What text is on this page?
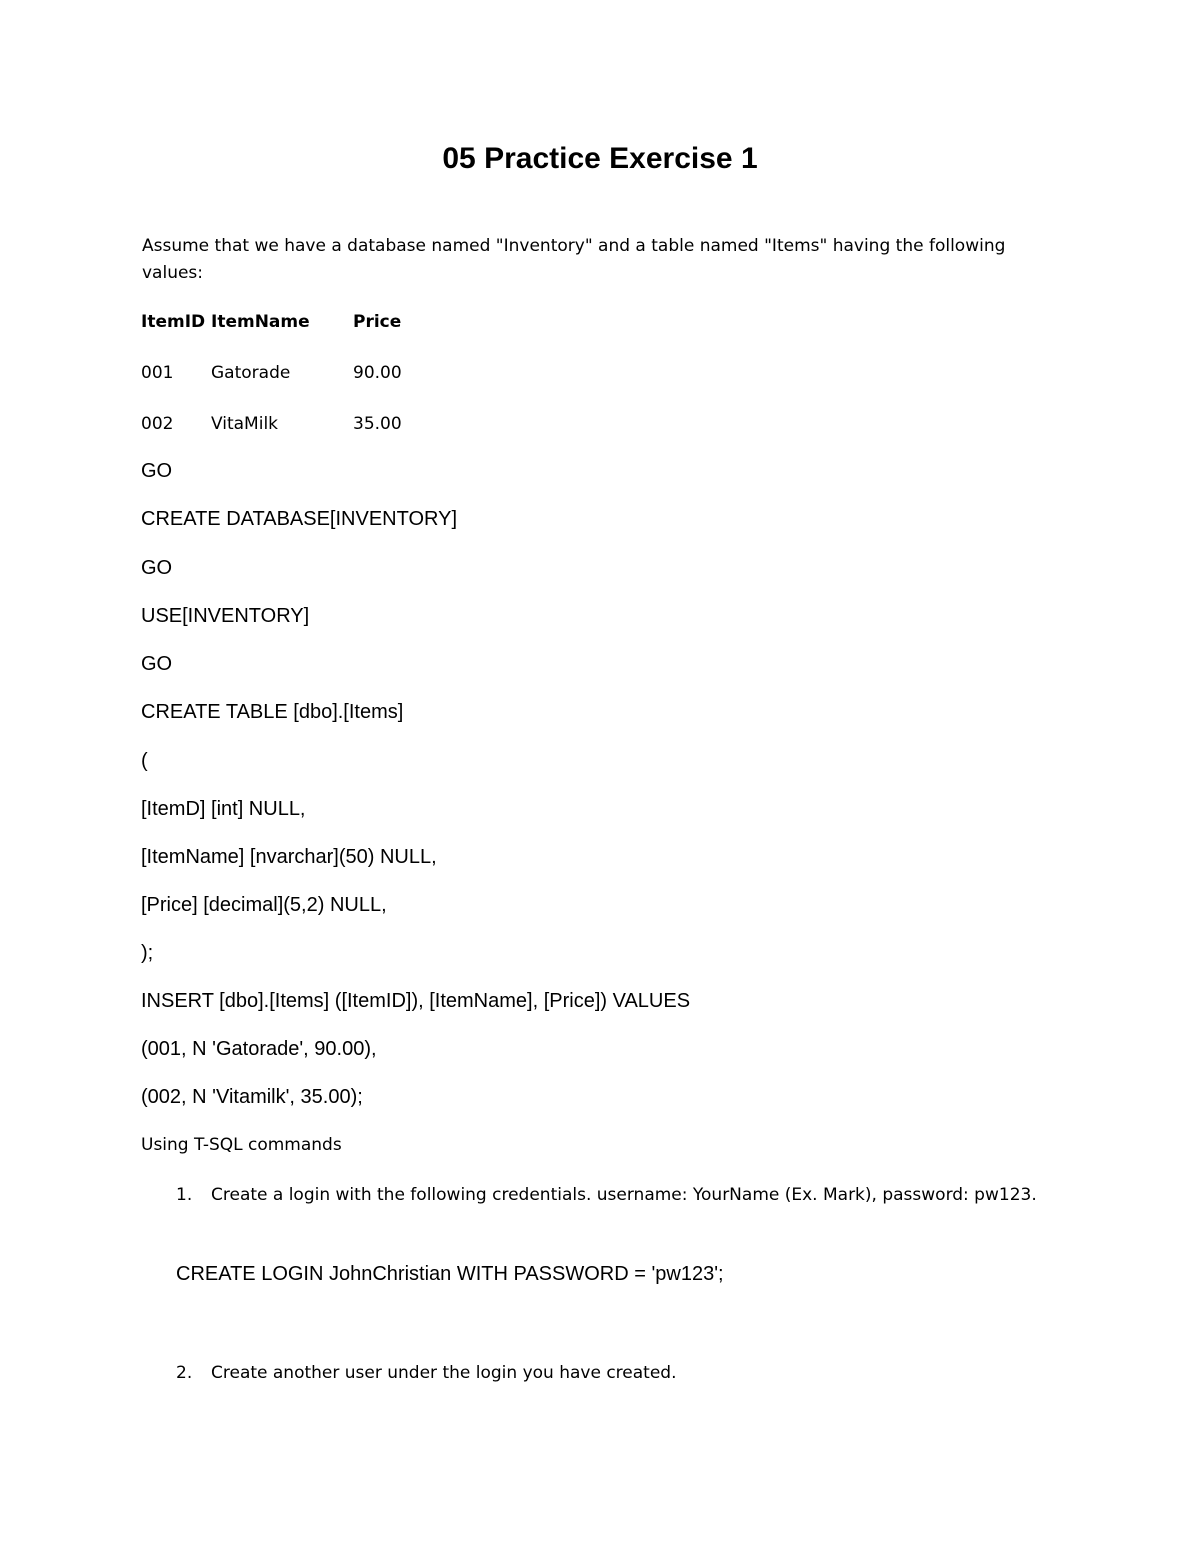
05 Practice Exercise 1
Assume that we have a database named "Inventory" and a table named "Items" having the following values:
ItemID ItemName	Price
001 Gatorade	90.00
002 VitaMilk	35.00
GO
CREATE DATABASE[INVENTORY]
GO
USE[INVENTORY]
GO
CREATE TABLE [dbo].[Items]
(
[ItemD] [int] NULL,
[ItemName] [nvarchar](50) NULL,
[Price] [decimal](5,2) NULL,
);
INSERT [dbo].[Items] ([ItemID]), [ItemName], [Price]) VALUES
(001, N 'Gatorade', 90.00),
(002, N 'Vitamilk', 35.00);
Using T-SQL commands
1. Create a login with the following credentials. username: YourName (Ex. Mark), password: pw123.
CREATE LOGIN JohnChristian WITH PASSWORD = 'pw123';
2. Create another user under the login you have created.
